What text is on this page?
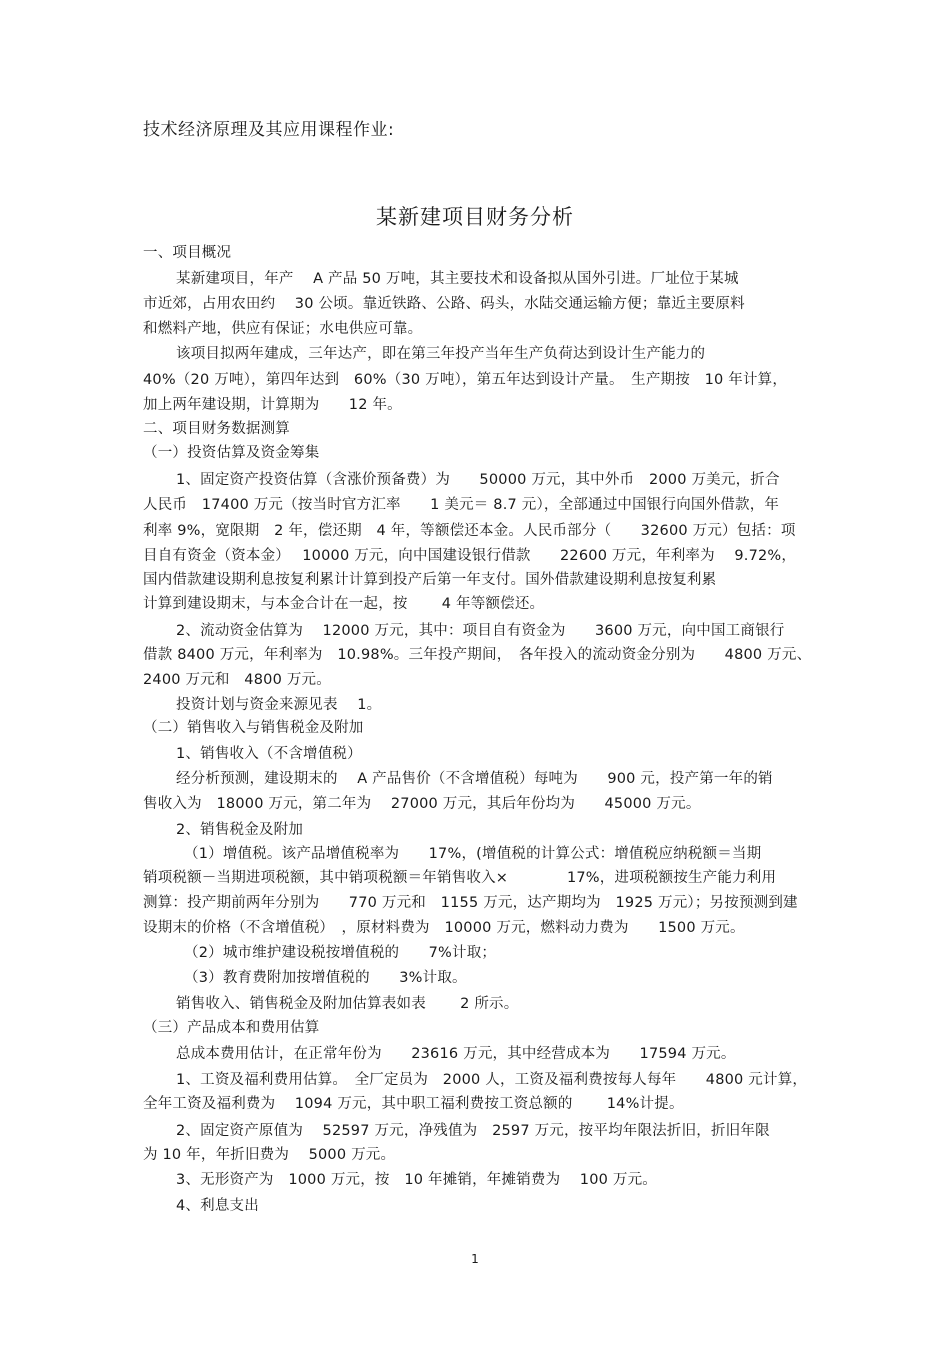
技术经济原理及其应用课程作业:
某新建项目财务分析
一、项目概况
某新建项目，年产　 A 产品 50 万吨，其主要技术和设备拟从国外引进。厂址位于某城
市近郊，占用农田约　 30 公顷。靠近铁路、公路、码头，水陆交通运输方便；靠近主要原料
和燃料产地，供应有保证；水电供应可靠。
该项目拟两年建成，三年达产，即在第三年投产当年生产负荷达到设计生产能力的
40%（20 万吨），第四年达到　60%（30 万吨），第五年达到设计产量。　生产期按　10 年计算，
加上两年建设期，计算期为　　12 年。
二、项目财务数据测算
（一）投资估算及资金筹集
1、固定资产投资估算（含涨价预备费）为　　50000 万元，其中外币　2000 万美元，折合
人民币　17400 万元（按当时官方汇率　　1 美元＝ 8.7 元），全部通过中国银行向国外借款，年
利率 9%，宽限期　2 年，偿还期　4 年，等额偿还本金。人民币部分（　　32600 万元）包括：项
目自有资金（资本金）　 10000 万元，向中国建设银行借款　　22600 万元，年利率为　 9.72%，
国内借款建设期利息按复利累计计算到投产后第一年支付。国外借款建设期利息按复利累
计算到建设期末，与本金合计在一起，按　　 4 年等额偿还。
2、流动资金估算为　 12000 万元，其中：项目自有资金为　　3600 万元，向中国工商银行
借款 8400 万元，年利率为　10.98%。三年投产期间，　各年投入的流动资金分别为　　4800 万元、
2400 万元和　4800 万元。
投资计划与资金来源见表　 1。
（二）销售收入与销售税金及附加
1、销售收入（不含增值税）
经分析预测，建设期末的　 A 产品售价（不含增值税）每吨为　　900 元，投产第一年的销
售收入为　18000 万元，第二年为　 27000 万元，其后年份均为　　45000 万元。
2、销售税金及附加
（1）增值税。该产品增值税率为　　17%，(增值税的计算公式：增值税应纳税额＝当期
销项税额－当期进项税额，其中销项税额＝年销售收入×　　　　17%，进项税额按生产能力利用
测算：投产期前两年分别为　　770 万元和　1155 万元，达产期均为　1925 万元）；另按预测到建
设期末的价格（不含增值税）　，原材料费为　10000 万元，燃料动力费为　　1500 万元。
（2）城市维护建设税按增值税的　　7%计取；
（3）教育费附加按增值税的　　3%计取。
销售收入、销售税金及附加估算表如表　　 2 所示。
（三）产品成本和费用估算
总成本费用估计，在正常年份为　　23616 万元，其中经营成本为　　17594 万元。
1、工资及福利费用估算。　全厂定员为　2000 人，工资及福利费按每人每年　　4800 元计算，
全年工资及福利费为　 1094 万元，其中职工福利费按工资总额的　　 14%计提。
2、固定资产原值为　 52597 万元，净残值为　2597 万元，按平均年限法折旧，折旧年限
为 10 年，年折旧费为　 5000 万元。
3、无形资产为　1000 万元，按　10 年摊销，年摊销费为　 100 万元。
4、利息支出
1
